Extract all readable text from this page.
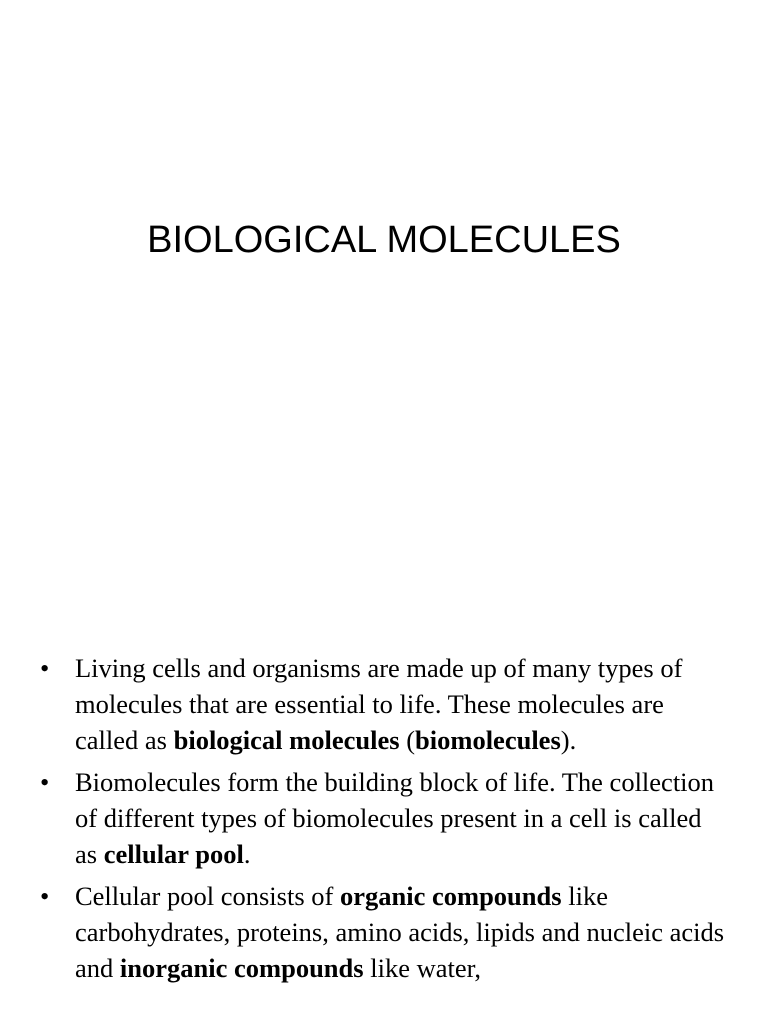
BIOLOGICAL MOLECULES
• Living cells and organisms are made up of many types of molecules that are essential to life. These molecules are called as biological molecules (biomolecules).
• Biomolecules form the building block of life. The collection of different types of biomolecules present in a cell is called as cellular pool.
• Cellular pool consists of organic compounds like carbohydrates, proteins, amino acids, lipids and nucleic acids and inorganic compounds like water,
